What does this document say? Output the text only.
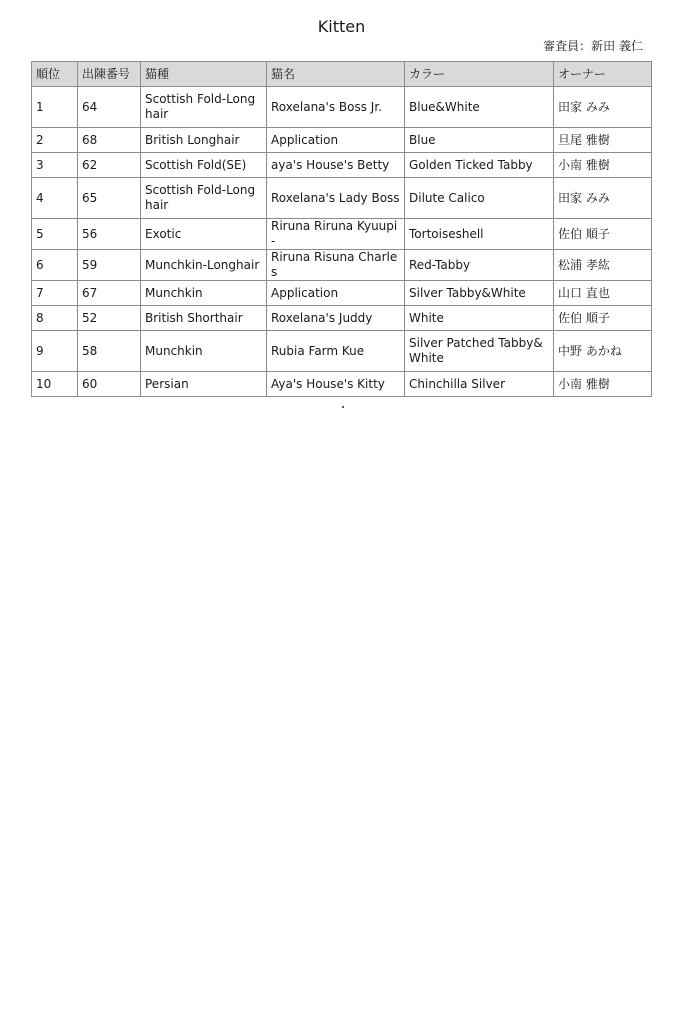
Kitten
審査員：新田 義仁
順位	出陳番号	猫種	猫名	カラー	オーナー
1	64	Scottish Fold-Longhair	Roxelana's Boss Jr.	Blue&White	田家 みみ
2	68	British Longhair	Application	Blue	旦尾 雅樹
3	62	Scottish Fold(SE)	aya's House's Betty	Golden Ticked Tabby	小南 雅樹
4	65	Scottish Fold-Longhair	Roxelana's Lady Boss	Dilute Calico	田家 みみ
5	56	Exotic	Riruna Riruna Kyuupi-	Tortoiseshell	佐伯 順子
6	59	Munchkin-Longhair	Riruna Risuna Charles	Red-Tabby	松浦 孝紘
7	67	Munchkin	Application	Silver Tabby&White	山口 直也
8	52	British Shorthair	Roxelana's Juddy	White	佐伯 順子
9	58	Munchkin	Rubia Farm Kue	Silver Patched Tabby&White	中野 あかね
10	60	Persian	Aya's House's Kitty	Chinchilla Silver	小南 雅樹
